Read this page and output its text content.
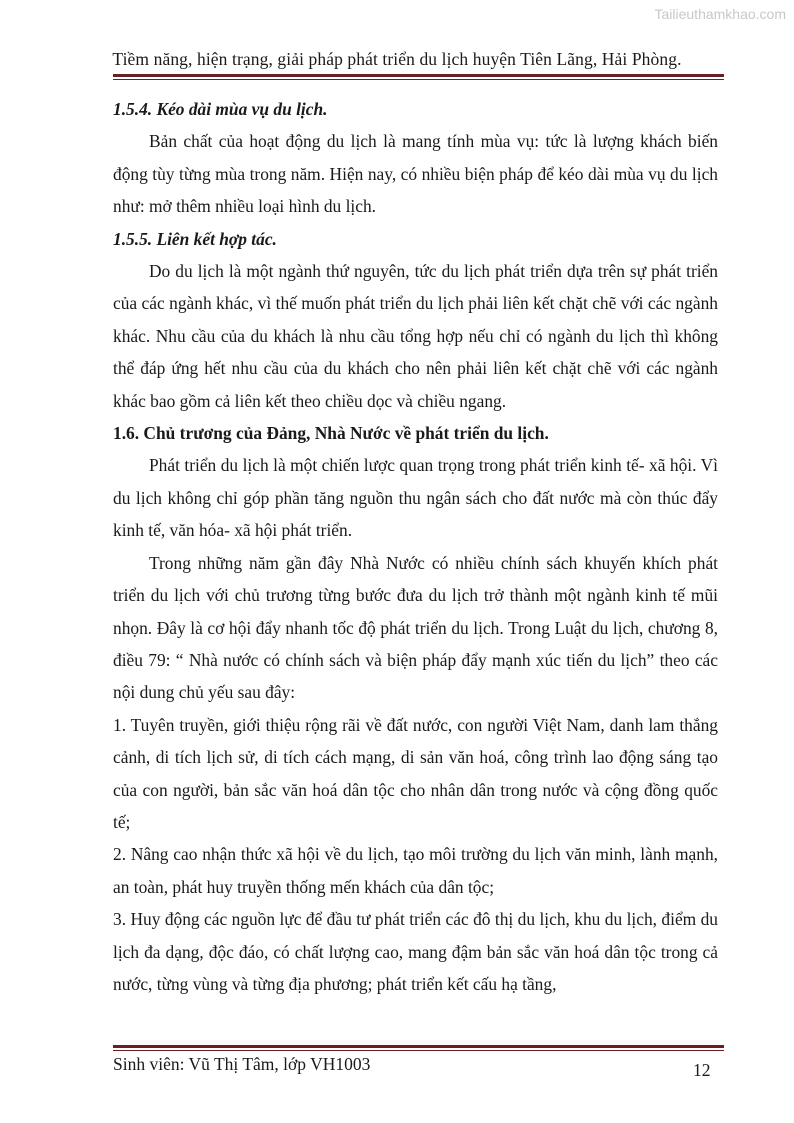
Tailieuthamkhao.com
Tiềm năng, hiện trạng, giải pháp phát triển du lịch huyện Tiên Lãng, Hải Phòng.

1.5.4. Kéo dài mùa vụ du lịch.

Bản chất của hoạt động du lịch là mang tính mùa vụ: tức là lượng khách biến động tùy từng mùa trong năm. Hiện nay, có nhiều biện pháp để kéo dài mùa vụ du lịch như: mở thêm nhiều loại hình du lịch.

1.5.5. Liên kết hợp tác.

Do du lịch là một ngành thứ nguyên, tức du lịch phát triển dựa trên sự phát triển của các ngành khác, vì thế muốn phát triển du lịch phải liên kết chặt chẽ với các ngành khác. Nhu cầu của du khách là nhu cầu tổng hợp nếu chỉ có ngành du lịch thì không thể đáp ứng hết nhu cầu của du khách cho nên phải liên kết chặt chẽ với các ngành khác bao gồm cả liên kết theo chiều dọc và chiều ngang.

1.6. Chủ trương của Đảng, Nhà Nước về phát triển du lịch.

Phát triển du lịch là một chiến lược quan trọng trong phát triển kinh tế- xã hội. Vì du lịch không chỉ góp phần tăng nguồn thu ngân sách cho đất nước mà còn thúc đẩy kinh tế, văn hóa- xã hội phát triển.

Trong những năm gần đây Nhà Nước có nhiều chính sách khuyến khích phát triển du lịch với chủ trương từng bước đưa du lịch trở thành một ngành kinh tế mũi nhọn. Đây là cơ hội đẩy nhanh tốc độ phát triển du lịch. Trong Luật du lịch, chương 8, điều 79: “ Nhà nước có chính sách và biện pháp đẩy mạnh xúc tiến du lịch” theo các nội dung chủ yếu sau đây:

1. Tuyên truyền, giới thiệu rộng rãi về đất nước, con người Việt Nam, danh lam thắng cảnh, di tích lịch sử, di tích cách mạng, di sản văn hoá, công trình lao động sáng tạo của con người, bản sắc văn hoá dân tộc cho nhân dân trong nước và cộng đồng quốc tế;

2. Nâng cao nhận thức xã hội về du lịch, tạo môi trường du lịch văn minh, lành mạnh, an toàn, phát huy truyền thống mến khách của dân tộc;

3. Huy động các nguồn lực để đầu tư phát triển các đô thị du lịch, khu du lịch, điểm du lịch đa dạng, độc đáo, có chất lượng cao, mang đậm bản sắc văn hoá dân tộc trong cả nước, từng vùng và từng địa phương; phát triển kết cấu hạ tầng,

Sinh viên: Vũ Thị Tâm, lớp VH1003	12
